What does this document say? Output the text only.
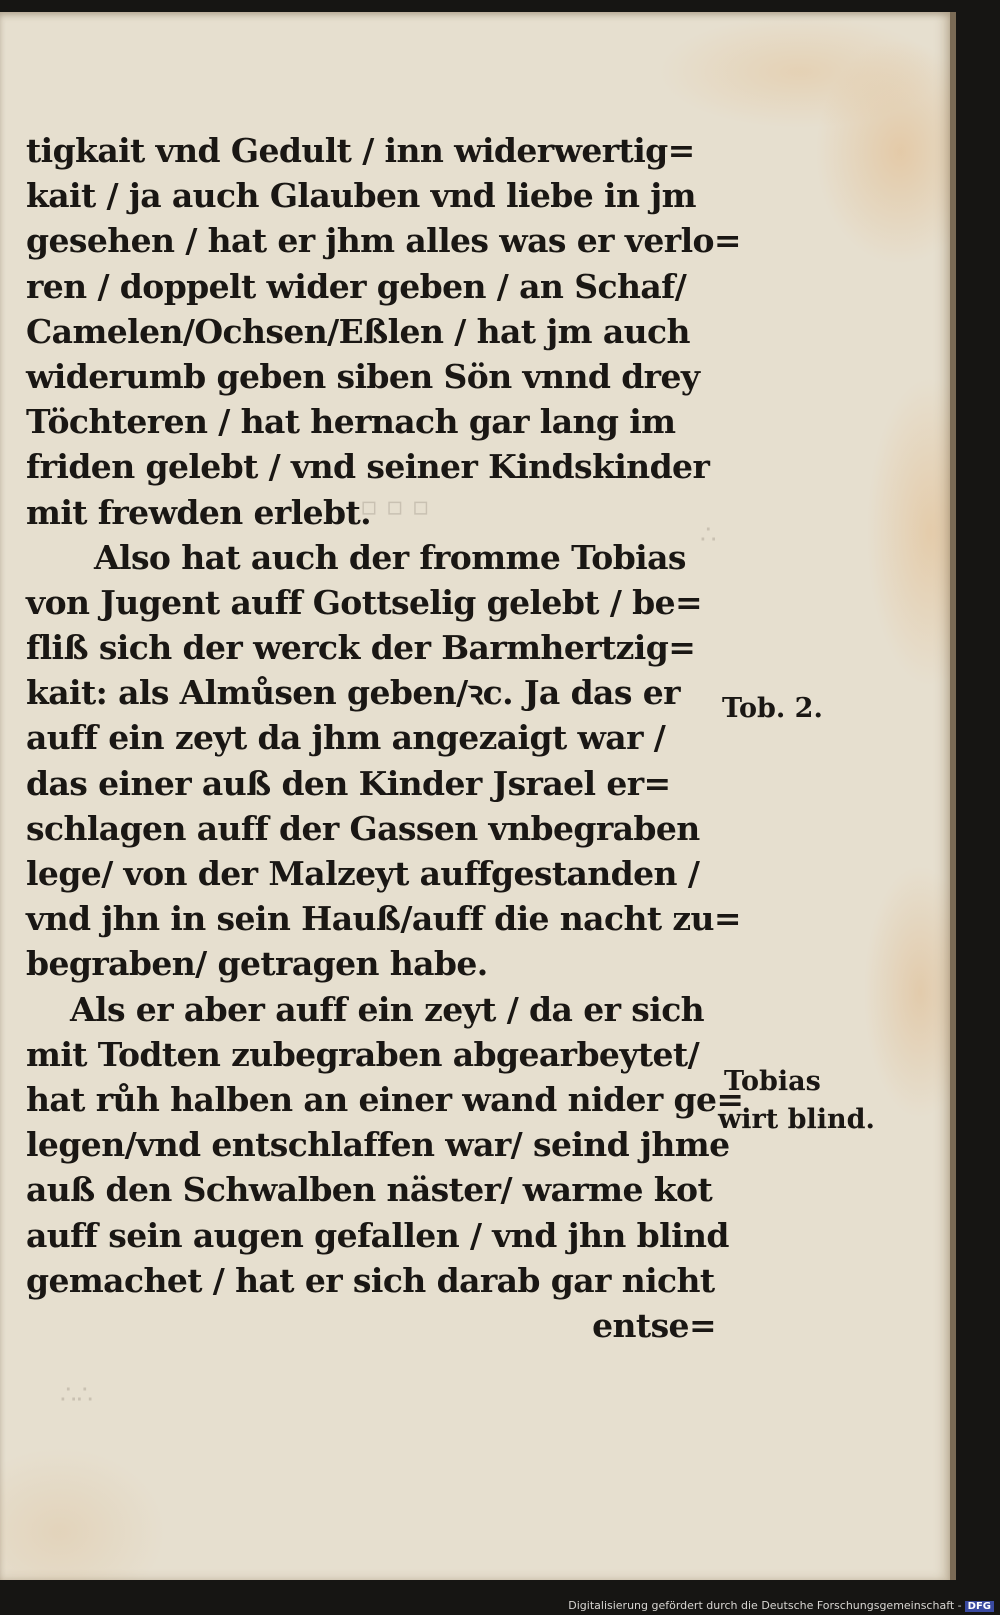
▫ ▫ ▫
∴
∴∴
tigkait vnd Gedult / inn widerwertig=
kait / ja auch Glauben vnd liebe in jm
gesehen / hat er jhm alles was er verlo=
ren / doppelt wider geben / an Schaf/
Camelen/Ochsen/Eßlen / hat jm auch
widerumb geben siben Sön vnnd drey
Töchteren / hat hernach gar lang im
friden gelebt / vnd seiner Kindskinder
mit frewden erlebt.
Also hat auch der fromme Tobias
von Jugent auff Gottselig gelebt / be=
fliß sich der werck der Barmhertzig=
kait: als Almůsen geben/ꝛc. Ja das er
auff ein zeyt da jhm angezaigt war /
das einer auß den Kinder Jsrael er=
schlagen auff der Gassen vnbegraben
lege/ von der Malzeyt auffgestanden /
vnd jhn in sein Hauß/auff die nacht zu=
begraben/ getragen habe.
Als er aber auff ein zeyt / da er sich
mit Todten zubegraben abgearbeytet/
hat růh halben an einer wand nider ge=
legen/vnd entschlaffen war/ seind jhme
auß den Schwalben näster/ warme kot
auff sein augen gefallen / vnd jhn blind
gemachet / hat er sich darab gar nicht
entse=
Tob. 2.
Tobias
wirt blind.
Digitalisierung gefördert durch die Deutsche Forschungsgemeinschaft - DFG
